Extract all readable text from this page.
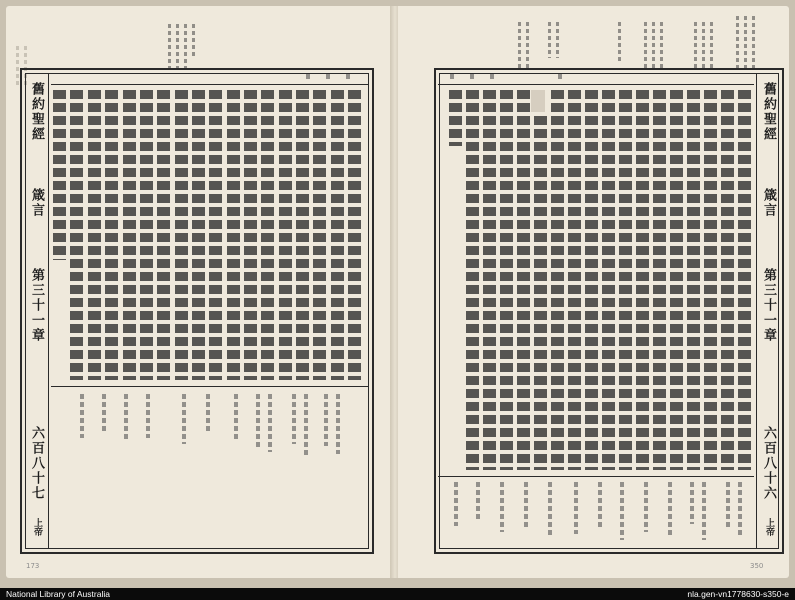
舊約聖經
箴言
第三十一章
六百八十七
上帝
173
舊約聖經
箴言
第三十一章
六百八十六
上帝
350
National Library of Australia	nla.gen-vn1778630-s350-e
